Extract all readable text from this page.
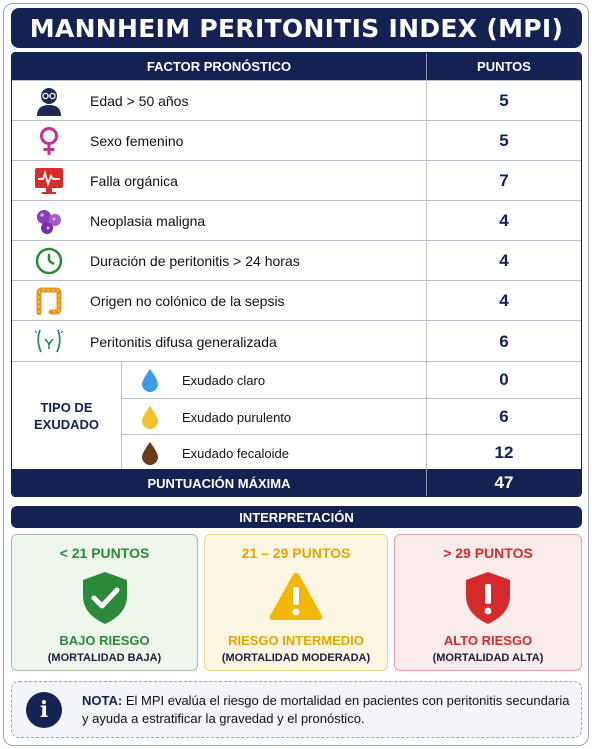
MANNHEIM PERITONITIS INDEX (MPI)
FACTOR PRONÓSTICO	PUNTOS
Edad > 50 años	5
Sexo femenino	5
Falla orgánica	7
Neoplasia maligna	4
Duración de peritonitis > 24 horas	4
Origen no colónico de la sepsis	4
Peritonitis difusa generalizada	6
TIPO DE
EXUDADO
Exudado claro	0
Exudado purulento	6
Exudado fecaloide	12
PUNTUACIÓN MÁXIMA	47
INTERPRETACIÓN
< 21 PUNTOS
BAJO RIESGO
(MORTALIDAD BAJA)
21 – 29 PUNTOS
RIESGO INTERMEDIO
(MORTALIDAD MODERADA)
> 29 PUNTOS
ALTO RIESGO
(MORTALIDAD ALTA)
i	NOTA: El MPI evalúa el riesgo de mortalidad en pacientes con peritonitis secundaria y ayuda a estratificar la gravedad y el pronóstico.
